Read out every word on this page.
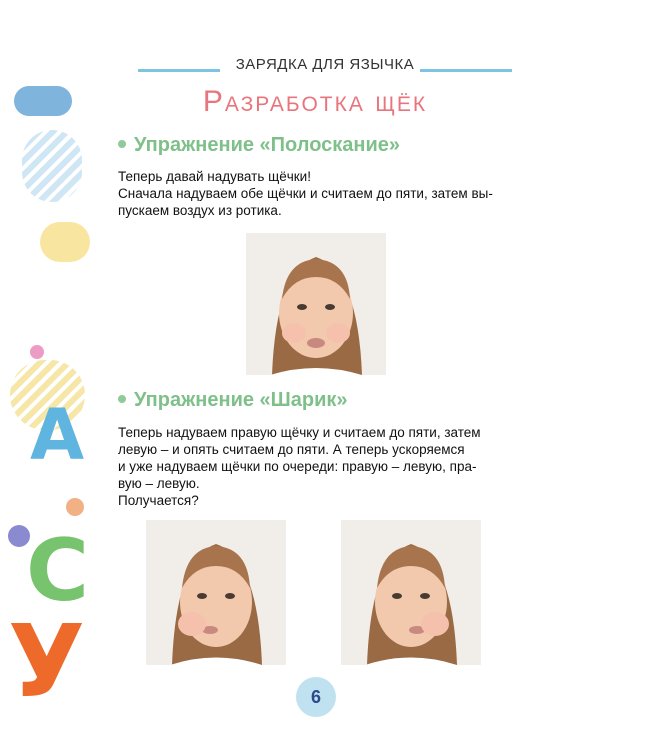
A
C
У
ЗАРЯДКА ДЛЯ ЯЗЫЧКА
Разработка щёк
Упражнение «Полоскание»

Теперь давай надувать щёчки!

Сначала надуваем обе щёчки и считаем до пяти, затем вы-

пускаем воздух из ротика.

Упражнение «Шарик»

Теперь надуваем правую щёчку и считаем до пяти, затем

левую – и опять считаем до пяти. А теперь ускоряемся

и уже надуваем щёчки по очереди: правую – левую, пра-

вую – левую.

Получается?

6
